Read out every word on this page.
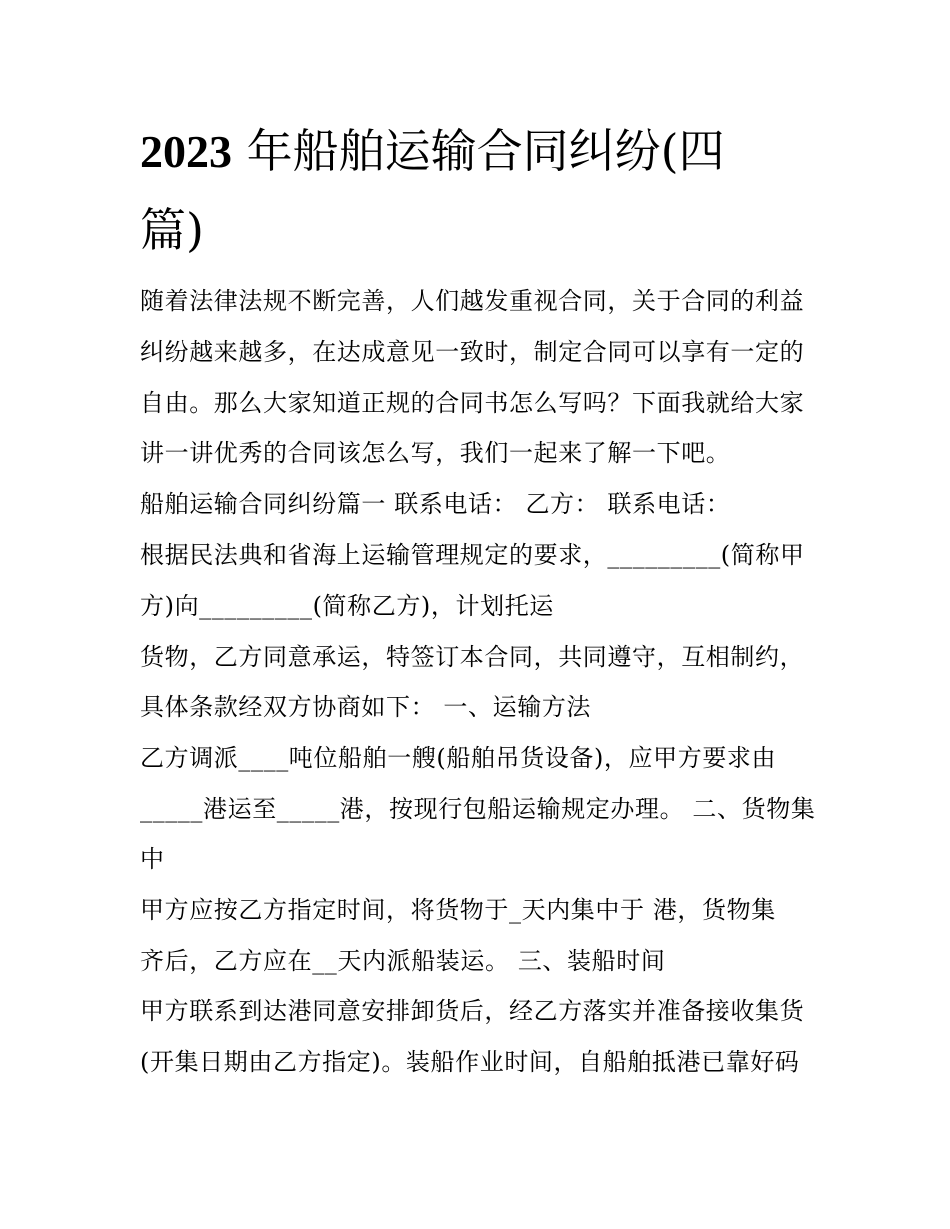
2023 年船舶运输合同纠纷(四
篇)

随着法律法规不断完善，人们越发重视合同，关于合同的利益

纠纷越来越多，在达成意见一致时，制定合同可以享有一定的

自由。那么大家知道正规的合同书怎么写吗？下面我就给大家

讲一讲优秀的合同该怎么写，我们一起来了解一下吧。

船舶运输合同纠纷篇一 联系电话： 乙方： 联系电话：

根据民法典和省海上运输管理规定的要求，_________(简称甲

方)向_________(简称乙方)，计划托运

货物，乙方同意承运，特签订本合同，共同遵守，互相制约，

具体条款经双方协商如下： 一、运输方法

乙方调派____吨位船舶一艘(船舶吊货设备)，应甲方要求由

_____港运至_____港，按现行包船运输规定办理。 二、货物集

中

甲方应按乙方指定时间，将货物于_天内集中于 港，货物集

齐后，乙方应在__天内派船装运。 三、装船时间

甲方联系到达港同意安排卸货后，经乙方落实并准备接收集货

(开集日期由乙方指定)。装船作业时间，自船舶抵港已靠好码
